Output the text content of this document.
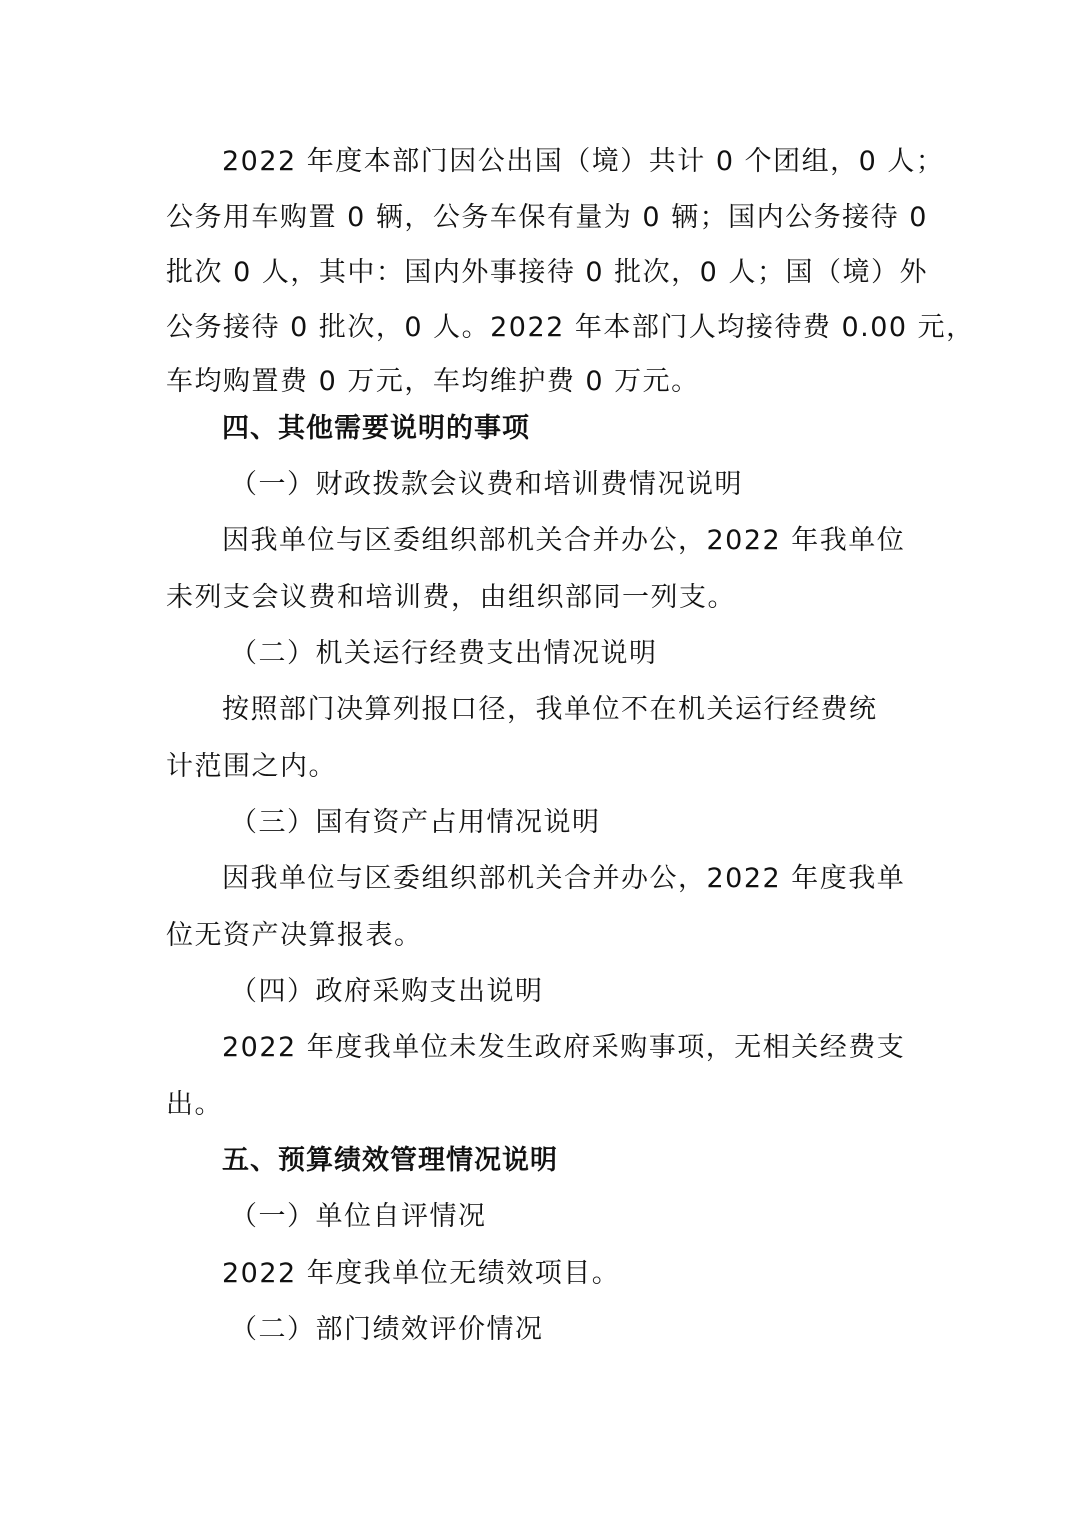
2022 年度本部门因公出国（境）共计 0 个团组，0 人；
公务用车购置 0 辆，公务车保有量为 0 辆；国内公务接待 0
批次 0 人，其中：国内外事接待 0 批次，0 人；国（境）外
公务接待 0 批次，0 人。2022 年本部门人均接待费 0.00 元，
车均购置费 0 万元，车均维护费 0 万元。
四、其他需要说明的事项
（一）财政拨款会议费和培训费情况说明
因我单位与区委组织部机关合并办公，2022 年我单位
未列支会议费和培训费，由组织部同一列支。
（二）机关运行经费支出情况说明
按照部门决算列报口径，我单位不在机关运行经费统
计范围之内。
（三）国有资产占用情况说明
因我单位与区委组织部机关合并办公，2022 年度我单
位无资产决算报表。
（四）政府采购支出说明
2022 年度我单位未发生政府采购事项，无相关经费支
出。
五、预算绩效管理情况说明
（一）单位自评情况
2022 年度我单位无绩效项目。
（二）部门绩效评价情况
